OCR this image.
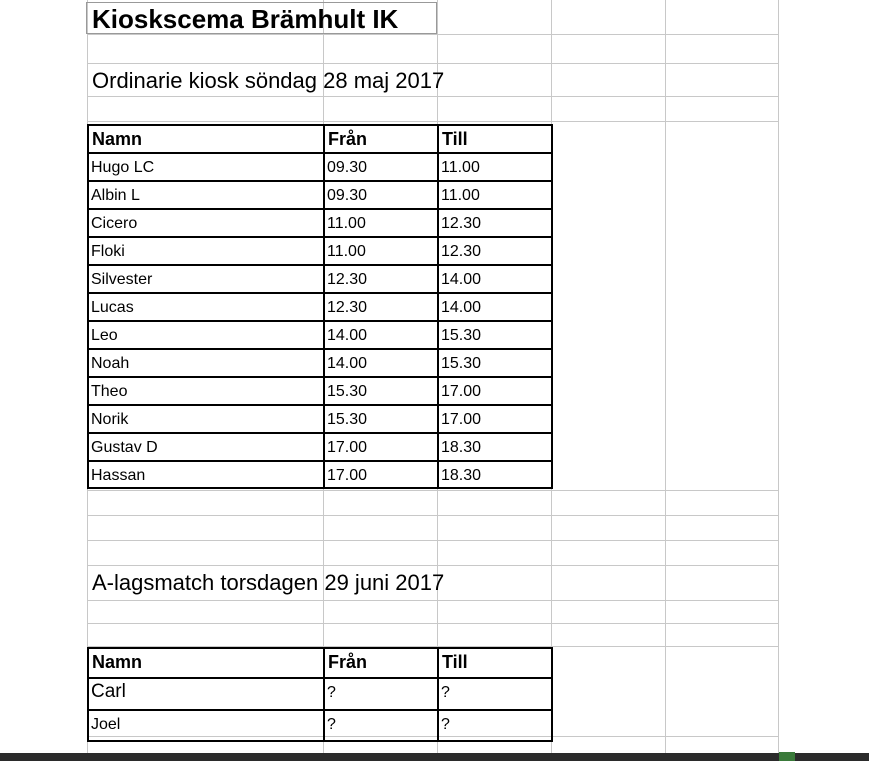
Kioskscema Brämhult IK
Ordinarie kiosk söndag 28 maj 2017
Namn	Från	Till
Hugo LC	09.30	11.00
Albin L	09.30	11.00
Cicero	11.00	12.30
Floki	11.00	12.30
Silvester	12.30	14.00
Lucas	12.30	14.00
Leo	14.00	15.30
Noah	14.00	15.30
Theo	15.30	17.00
Norik	15.30	17.00
Gustav D	17.00	18.30
Hassan	17.00	18.30
A-lagsmatch torsdagen 29 juni 2017
Namn	Från	Till
Carl	?	?
Joel	?	?
